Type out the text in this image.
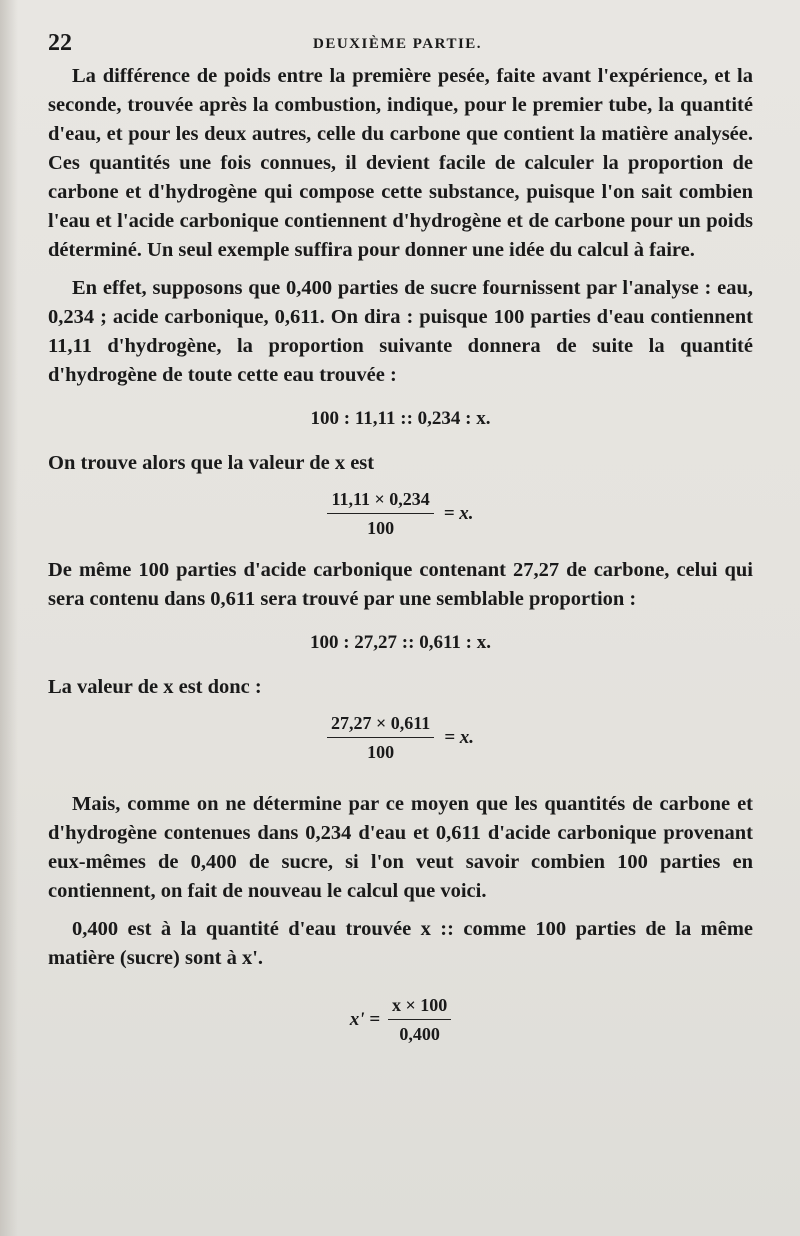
22	DEUXIÈME PARTIE.

La différence de poids entre la première pesée, faite avant l'expérience, et la seconde, trouvée après la combustion, indique, pour le premier tube, la quantité d'eau, et pour les deux autres, celle du carbone que contient la matière analysée. Ces quantités une fois connues, il devient facile de calculer la proportion de carbone et d'hydrogène qui compose cette substance, puisque l'on sait combien l'eau et l'acide carbonique contiennent d'hydrogène et de carbone pour un poids déterminé. Un seul exemple suffira pour donner une idée du calcul à faire.

En effet, supposons que 0,400 parties de sucre fournissent par l'analyse : eau, 0,234 ; acide carbonique, 0,611. On dira : puisque 100 parties d'eau contiennent 11,11 d'hydrogène, la proportion suivante donnera de suite la quantité d'hydrogène de toute cette eau trouvée :

100 : 11,11 :: 0,234 : x.

On trouve alors que la valeur de x est

$\frac{11,11 \times 0,234}{100} = x$.

De même 100 parties d'acide carbonique contenant 27,27 de carbone, celui qui sera contenu dans 0,611 sera trouvé par une semblable proportion :

100 : 27,27 :: 0,611 : x.

La valeur de x est donc :

$\frac{27,27 \times 0,611}{100} = x$.

Mais, comme on ne détermine par ce moyen que les quantités de carbone et d'hydrogène contenues dans 0,234 d'eau et 0,611 d'acide carbonique provenant eux-mêmes de 0,400 de sucre, si l'on veut savoir combien 100 parties en contiennent, on fait de nouveau le calcul que voici.

0,400 est à la quantité d'eau trouvée x :: comme 100 parties de la même matière (sucre) sont à x'.

$x' = \frac{x \times 100}{0,400}$
